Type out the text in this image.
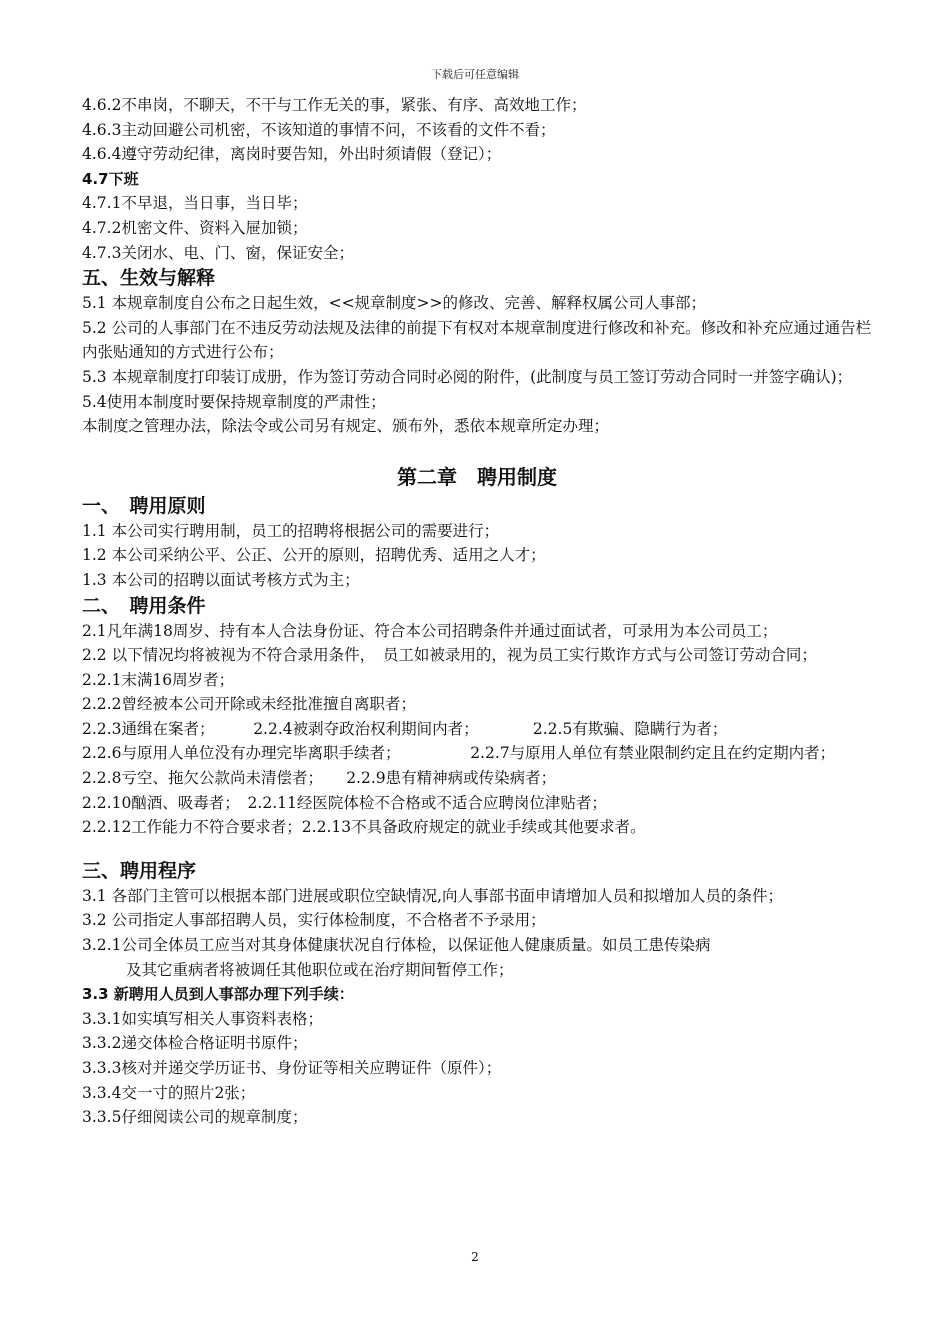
下载后可任意编辑

4.6.2不串岗，不聊天，不干与工作无关的事，紧张、有序、高效地工作；

4.6.3主动回避公司机密，不该知道的事情不问，不该看的文件不看；

4.6.4遵守劳动纪律，离岗时要告知，外出时须请假（登记）；

4.7下班

4.7.1不早退，当日事，当日毕；

4.7.2机密文件、资料入屉加锁；

4.7.3关闭水、电、门、窗，保证安全；

五、生效与解释

5.1 本规章制度自公布之日起生效，<<规章制度>>的修改、完善、解释权属公司人事部；

5.2 公司的人事部门在不违反劳动法规及法律的前提下有权对本规章制度进行修改和补充。修改和补充应通过通告栏内张贴通知的方式进行公布；

5.3 本规章制度打印装订成册，作为签订劳动合同时必阅的附件，(此制度与员工签订劳动合同时一并签字确认)；

5.4使用本制度时要保持规章制度的严肃性；

本制度之管理办法，除法令或公司另有规定、颁布外，悉依本规章所定办理；

第二章　聘用制度

一、　聘用原则

1.1 本公司实行聘用制，员工的招聘将根据公司的需要进行；

1.2 本公司采纳公平、公正、公开的原则，招聘优秀、适用之人才；

1.3 本公司的招聘以面试考核方式为主；

二、　聘用条件

2.1凡年满18周岁、持有本人合法身份证、符合本公司招聘条件并通过面试者，可录用为本公司员工；

2.2 以下情况均将被视为不符合录用条件，　员工如被录用的，视为员工实行欺诈方式与公司签订劳动合同；

2.2.1末满16周岁者；

2.2.2曾经被本公司开除或未经批准擅自离职者；

2.2.3通缉在案者；　　　2.2.4被剥夺政治权利期间内者；　　　　2.2.5有欺骗、隐瞒行为者；

2.2.6与原用人单位没有办理完毕离职手续者；　　　　　2.2.7与原用人单位有禁业限制约定且在约定期内者；　　　2.2.8亏空、拖欠公款尚未清偿者；　　2.2.9患有精神病或传染病者；

2.2.10酗酒、吸毒者；　2.2.11经医院体检不合格或不适合应聘岗位津贴者；

2.2.12工作能力不符合要求者；2.2.13不具备政府规定的就业手续或其他要求者。

三、聘用程序

3.1 各部门主管可以根据本部门进展或职位空缺情况,向人事部书面申请增加人员和拟增加人员的条件；

3.2 公司指定人事部招聘人员，实行体检制度，不合格者不予录用；

3.2.1公司全体员工应当对其身体健康状况自行体检，以保证他人健康质量。如员工患传染病

及其它重病者将被调任其他职位或在治疗期间暂停工作；

3.3 新聘用人员到人事部办理下列手续：

3.3.1如实填写相关人事资料表格；

3.3.2递交体检合格证明书原件；

3.3.3核对并递交学历证书、身份证等相关应聘证件（原件）；

3.3.4交一寸的照片2张；

3.3.5仔细阅读公司的规章制度；

2
